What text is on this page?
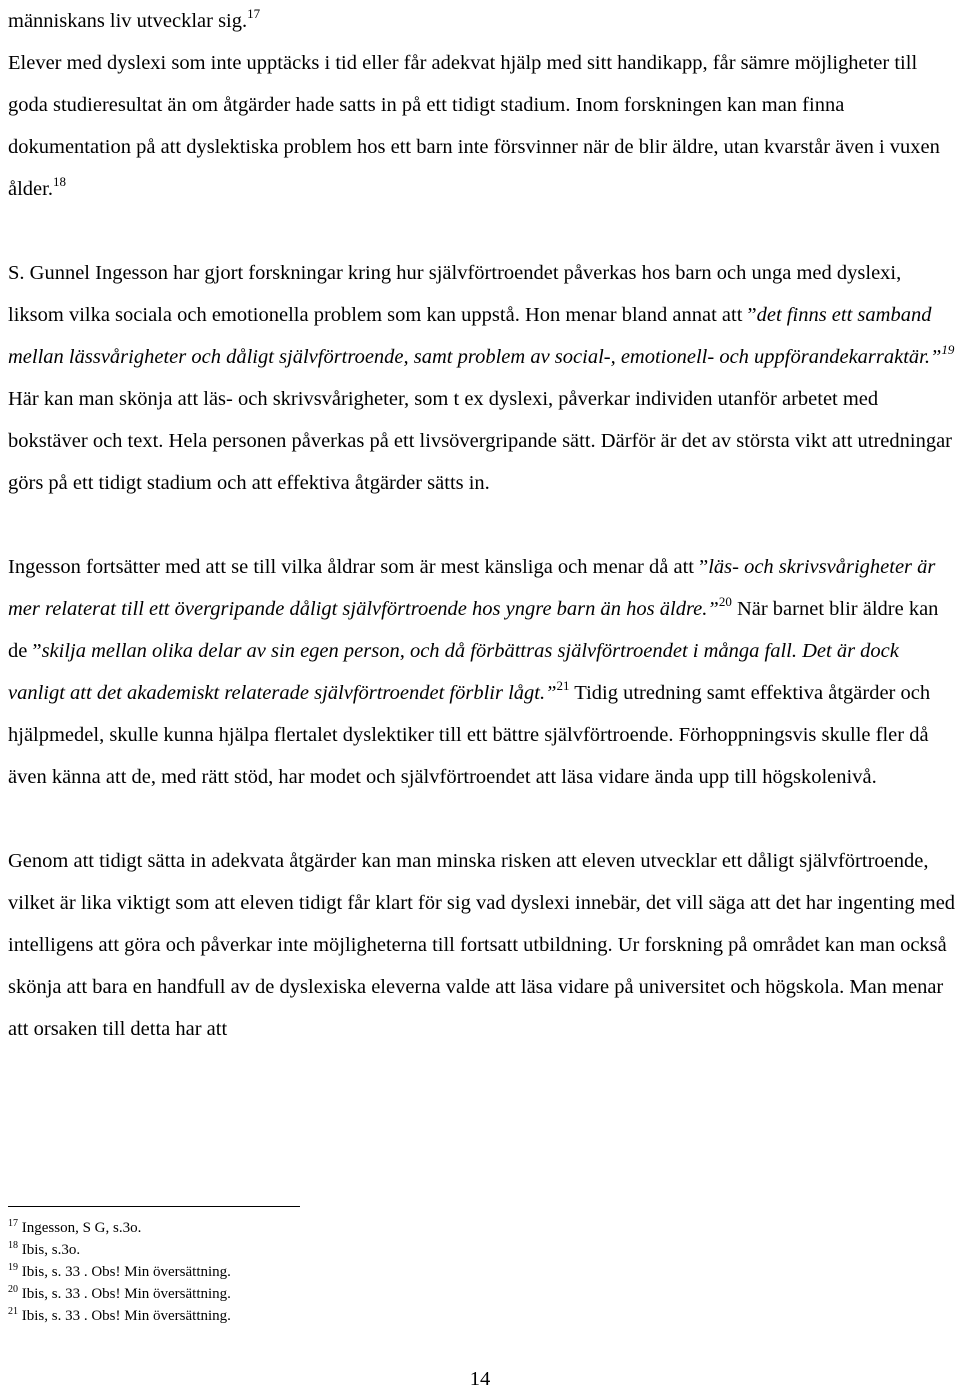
människans liv utvecklar sig.$^{17}$

Elever med dyslexi som inte upptäcks i tid eller får adekvat hjälp med sitt handikapp, får sämre möjligheter till goda studieresultat än om åtgärder hade satts in på ett tidigt stadium. Inom forskningen kan man finna dokumentation på att dyslektiska problem hos ett barn inte försvinner när de blir äldre, utan kvarstår även i vuxen ålder.$^{18}$

S. Gunnel Ingesson har gjort forskningar kring hur självförtroendet påverkas hos barn och unga med dyslexi, liksom vilka sociala och emotionella problem som kan uppstå. Hon menar bland annat att ”det finns ett samband mellan lässvårigheter och dåligt självförtroende, samt problem av social-, emotionell- och uppförandekarraktär.”$^{19}$ Här kan man skönja att läs- och skrivsvårigheter, som t ex dyslexi, påverkar individen utanför arbetet med bokstäver och text. Hela personen påverkas på ett livsövergripande sätt. Därför är det av största vikt att utredningar görs på ett tidigt stadium och att effektiva åtgärder sätts in.

Ingesson fortsätter med att se till vilka åldrar som är mest känsliga och menar då att ”läs- och skrivsvårigheter är mer relaterat till ett övergripande dåligt självförtroende hos yngre barn än hos äldre.”$^{20}$ När barnet blir äldre kan de ”skilja mellan olika delar av sin egen person, och då förbättras självförtroendet i många fall. Det är dock vanligt att det akademiskt relaterade självförtroendet förblir lågt.”$^{21}$ Tidig utredning samt effektiva åtgärder och hjälpmedel, skulle kunna hjälpa flertalet dyslektiker till ett bättre självförtroende. Förhoppningsvis skulle fler då även känna att de, med rätt stöd, har modet och självförtroendet att läsa vidare ända upp till högskolenivå.

Genom att tidigt sätta in adekvata åtgärder kan man minska risken att eleven utvecklar ett dåligt självförtroende, vilket är lika viktigt som att eleven tidigt får klart för sig vad dyslexi innebär, det vill säga att det har ingenting med intelligens att göra och påverkar inte möjligheterna till fortsatt utbildning. Ur forskning på området kan man också skönja att bara en handfull av de dyslexiska eleverna valde att läsa vidare på universitet och högskola. Man menar att orsaken till detta har att

$^{17}$ Ingesson, S G, s.3o.
$^{18}$ Ibis, s.3o.
$^{19}$ Ibis, s. 33 . Obs! Min översättning.
$^{20}$ Ibis, s. 33 . Obs! Min översättning.
$^{21}$ Ibis, s. 33 . Obs! Min översättning.
14
